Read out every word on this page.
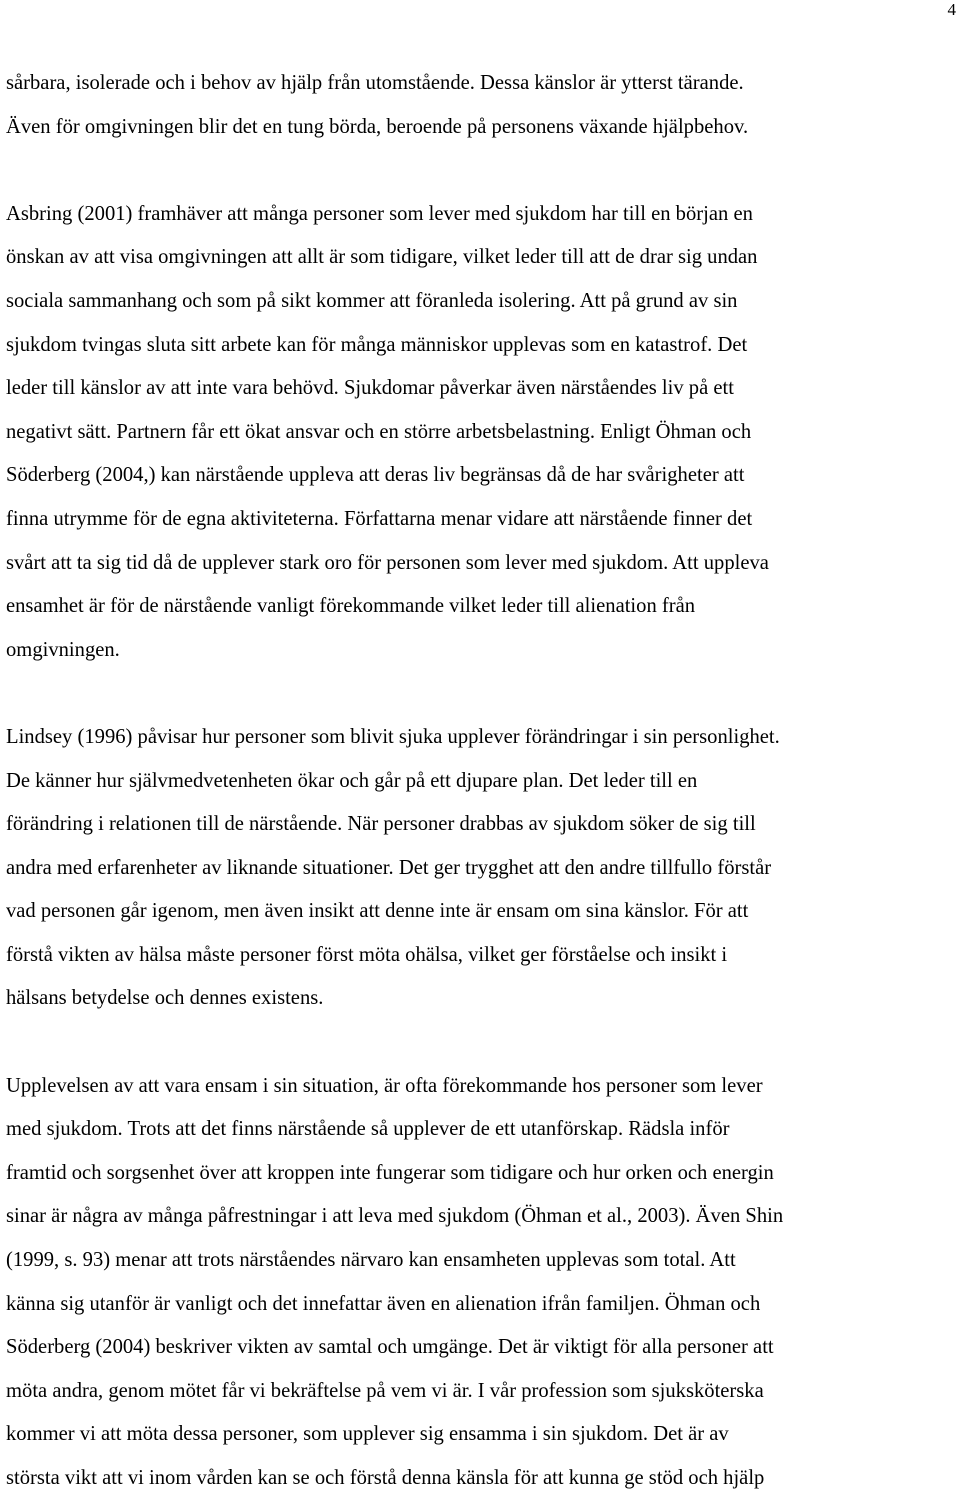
4
sårbara, isolerade och i behov av hjälp från utomstående. Dessa känslor är ytterst tärande.
Även för omgivningen blir det en tung börda, beroende på personens växande hjälpbehov.
Asbring (2001) framhäver att många personer som lever med sjukdom har till en början en
önskan av att visa omgivningen att allt är som tidigare, vilket leder till att de drar sig undan
sociala sammanhang och som på sikt kommer att föranleda isolering. Att på grund av sin
sjukdom tvingas sluta sitt arbete kan för många människor upplevas som en katastrof. Det
leder till känslor av att inte vara behövd. Sjukdomar påverkar även närståendes liv på ett
negativt sätt. Partnern får ett ökat ansvar och en större arbetsbelastning. Enligt Öhman och
Söderberg (2004,) kan närstående uppleva att deras liv begränsas då de har svårigheter att
finna utrymme för de egna aktiviteterna. Författarna menar vidare att närstående finner det
svårt att ta sig tid då de upplever stark oro för personen som lever med sjukdom. Att uppleva
ensamhet är för de närstående vanligt förekommande vilket leder till alienation från
omgivningen.
Lindsey (1996) påvisar hur personer som blivit sjuka upplever förändringar i sin personlighet.
De känner hur självmedvetenheten ökar och går på ett djupare plan. Det leder till en
förändring i relationen till de närstående. När personer drabbas av sjukdom söker de sig till
andra med erfarenheter av liknande situationer. Det ger trygghet att den andre tillfullo förstår
vad personen går igenom, men även insikt att denne inte är ensam om sina känslor. För att
förstå vikten av hälsa måste personer först möta ohälsa, vilket ger förståelse och insikt i
hälsans betydelse och dennes existens.
Upplevelsen av att vara ensam i sin situation, är ofta förekommande hos personer som lever
med sjukdom. Trots att det finns närstående så upplever de ett utanförskap. Rädsla inför
framtid och sorgsenhet över att kroppen inte fungerar som tidigare och hur orken och energin
sinar är några av många påfrestningar i att leva med sjukdom (Öhman et al., 2003). Även Shin
(1999, s. 93) menar att trots närståendes närvaro kan ensamheten upplevas som total. Att
känna sig utanför är vanligt och det innefattar även en alienation ifrån familjen. Öhman och
Söderberg (2004) beskriver vikten av samtal och umgänge. Det är viktigt för alla personer att
möta andra, genom mötet får vi bekräftelse på vem vi är. I vår profession som sjuksköterska
kommer vi att möta dessa personer, som upplever sig ensamma i sin sjukdom. Det är av
största vikt att vi inom vården kan se och förstå denna känsla för att kunna ge stöd och hjälp
